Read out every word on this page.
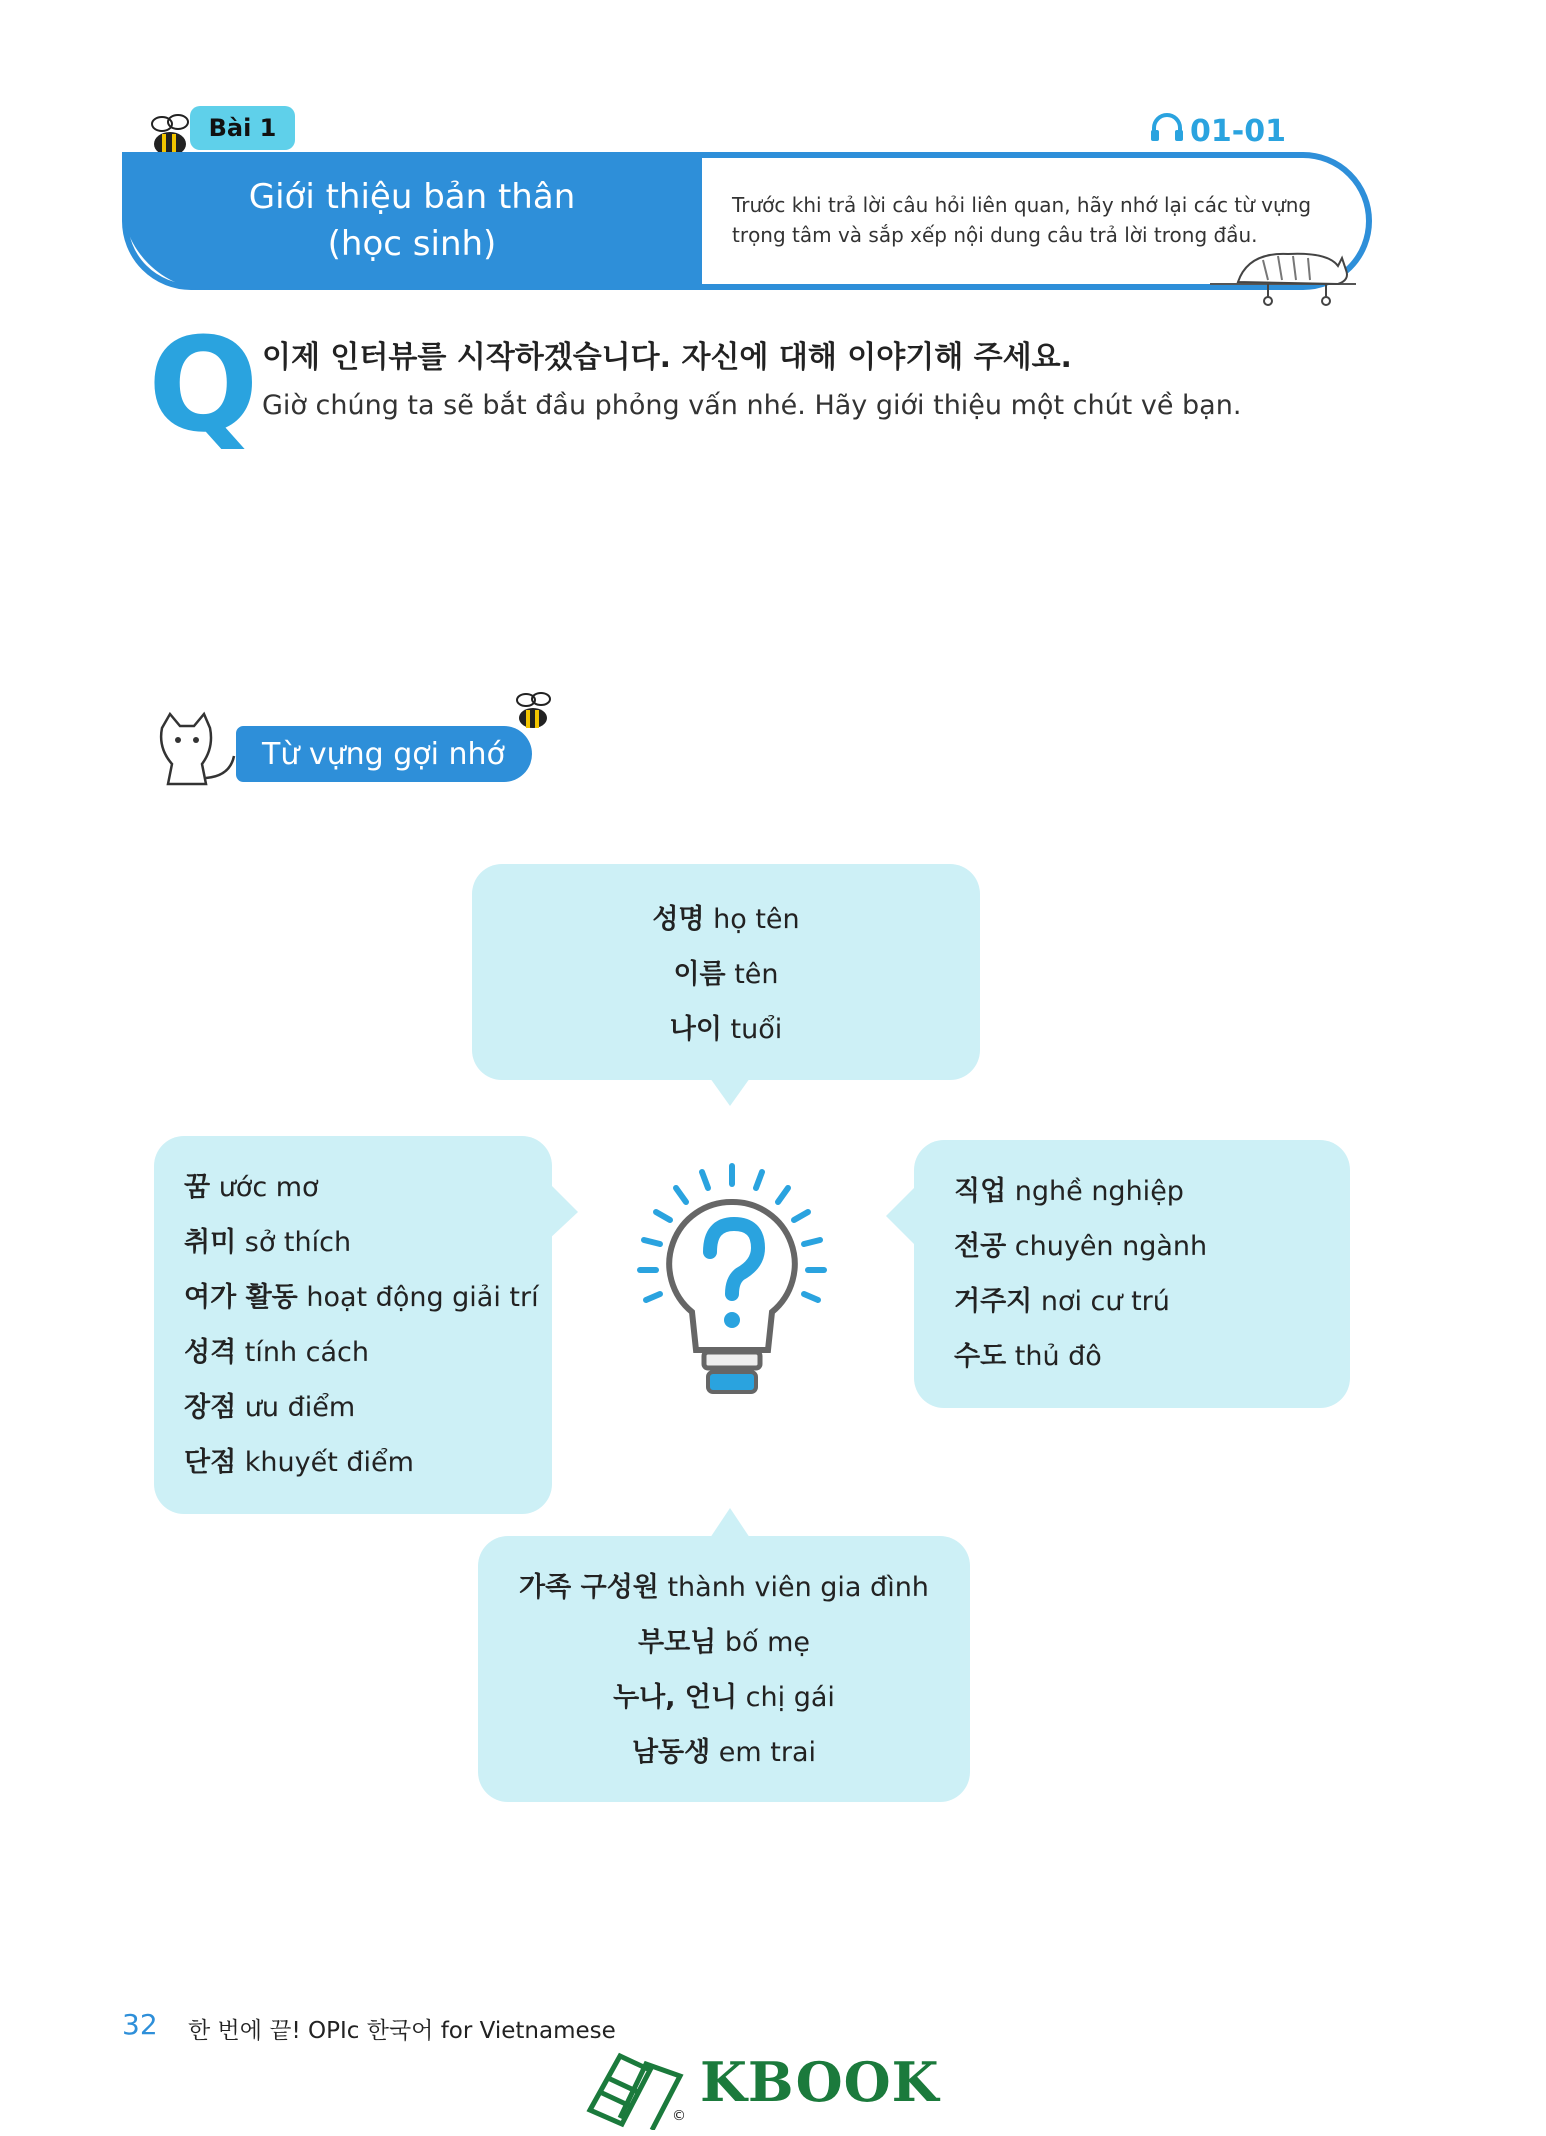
Bài 1	01-01
Giới thiệu bản thân
(học sinh)
Trước khi trả lời câu hỏi liên quan, hãy nhớ lại các từ vựng trọng tâm và sắp xếp nội dung câu trả lời trong đầu.
Q 이제 인터뷰를 시작하겠습니다. 자신에 대해 이야기해 주세요.
Giờ chúng ta sẽ bắt đầu phỏng vấn nhé. Hãy giới thiệu một chút về bạn.
Từ vựng gợi nhớ
성명 họ tên
이름 tên
나이 tuổi
꿈 ước mơ
취미 sở thích
여가 활동 hoạt động giải trí
성격 tính cách
장점 ưu điểm
단점 khuyết điểm
직업 nghề nghiệp
전공 chuyên ngành
거주지 nơi cư trú
수도 thủ đô
가족 구성원 thành viên gia đình
부모님 bố mẹ
누나, 언니 chị gái
남동생 em trai
32 한 번에 끝! OPIc 한국어 for Vietnamese
KBOOK
©
